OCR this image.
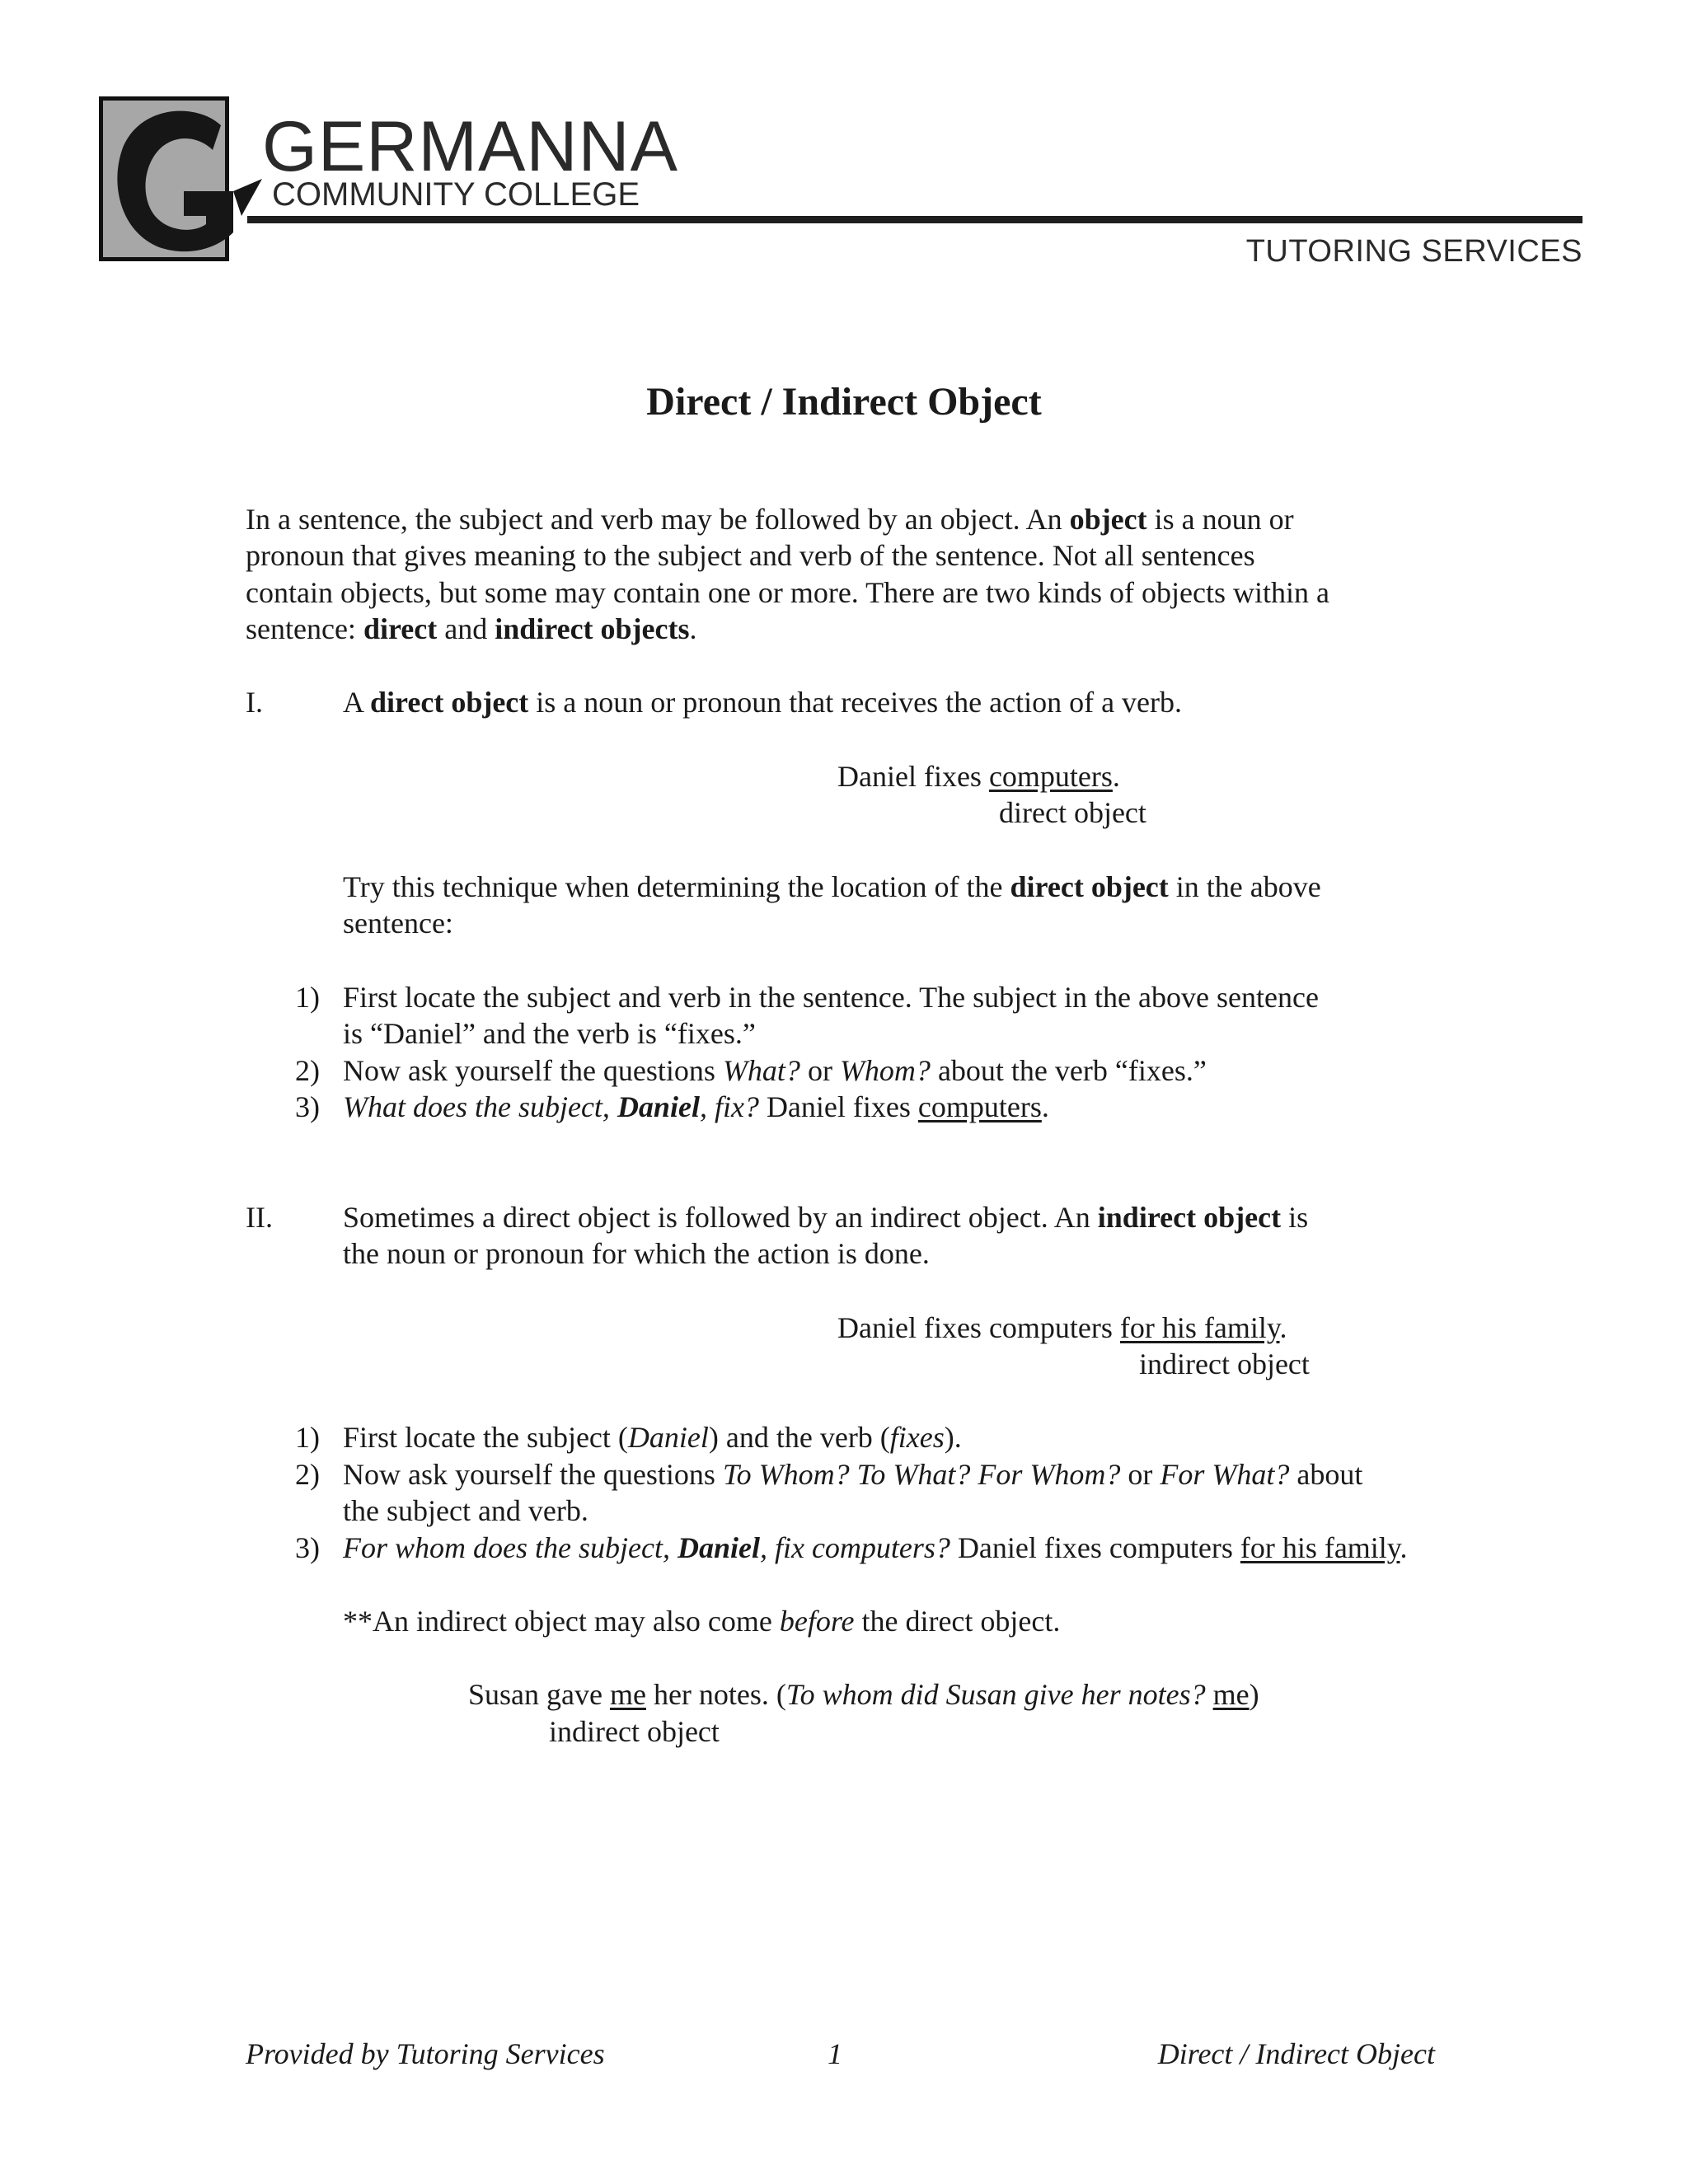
GERMANNA
COMMUNITY COLLEGE
TUTORING SERVICES
Direct / Indirect Object
In a sentence, the subject and verb may be followed by an object. An object is a noun or
pronoun that gives meaning to the subject and verb of the sentence. Not all sentences
contain objects, but some may contain one or more. There are two kinds of objects within a
sentence: direct and indirect objects.
I.	A direct object is a noun or pronoun that receives the action of a verb.
Daniel fixes computers.
direct object
Try this technique when determining the location of the direct object in the above
sentence:
1) First locate the subject and verb in the sentence. The subject in the above sentence
is “Daniel” and the verb is “fixes.”
2) Now ask yourself the questions What? or Whom? about the verb “fixes.”
3) What does the subject, Daniel, fix? Daniel fixes computers.
II. Sometimes a direct object is followed by an indirect object. An indirect object is
the noun or pronoun for which the action is done.
Daniel fixes computers for his family.
indirect object
1) First locate the subject (Daniel) and the verb (fixes).
2) Now ask yourself the questions To Whom? To What? For Whom? or For What? about
the subject and verb.
3) For whom does the subject, Daniel, fix computers? Daniel fixes computers for his family.
**An indirect object may also come before the direct object.
Susan gave me her notes. (To whom did Susan give her notes? me)
indirect object
Provided by Tutoring Services	1	Direct / Indirect Object
